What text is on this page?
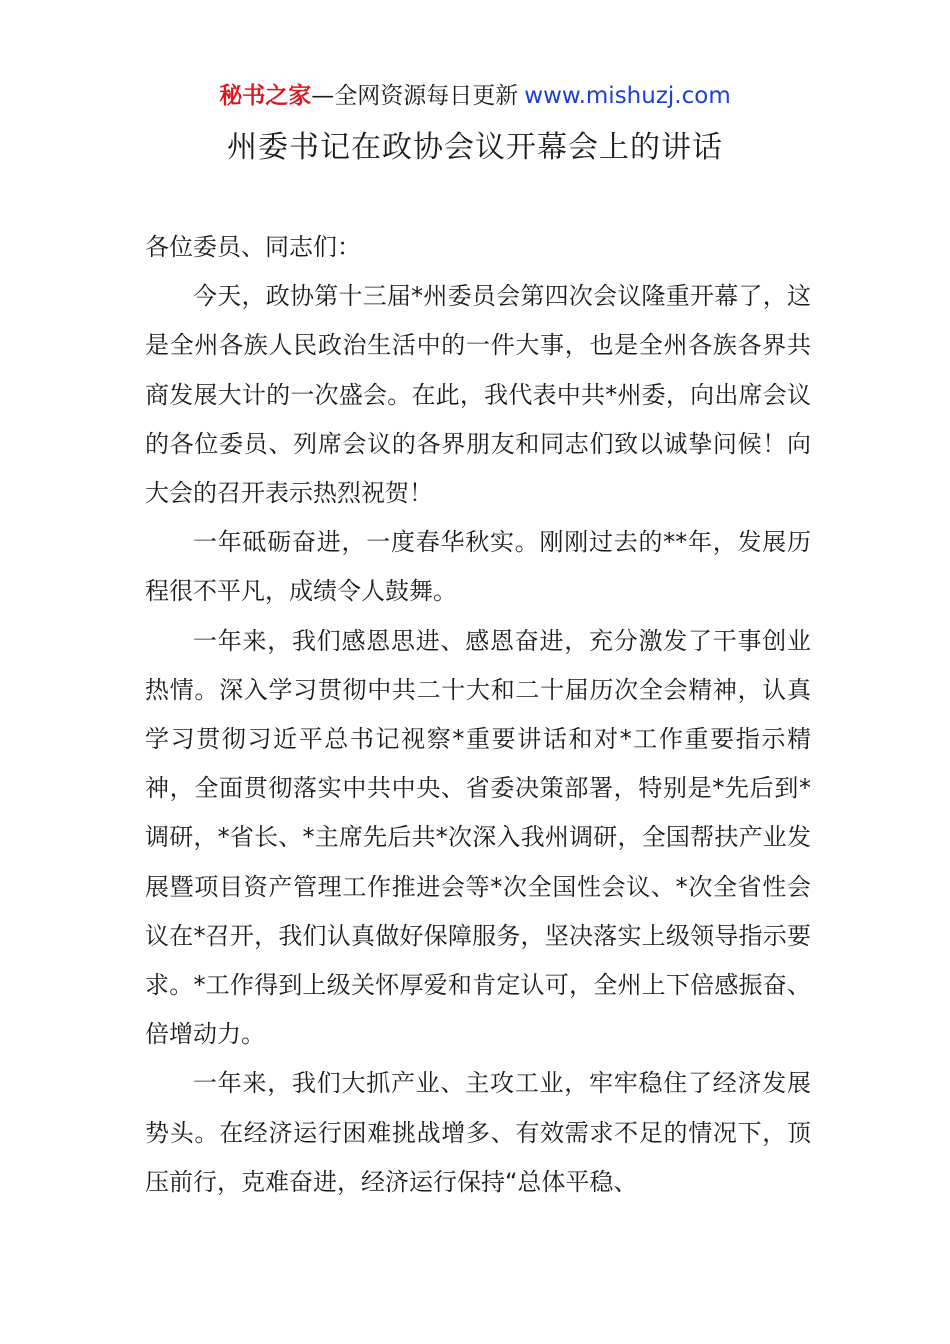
秘书之家—全网资源每日更新 www.mishuzj.com
州委书记在政协会议开幕会上的讲话

各位委员、同志们：

今天，政协第十三届*州委员会第四次会议隆重开幕了，这是全州各族人民政治生活中的一件大事，也是全州各族各界共商发展大计的一次盛会。在此，我代表中共*州委，向出席会议的各位委员、列席会议的各界朋友和同志们致以诚挚问候！向大会的召开表示热烈祝贺！

一年砥砺奋进，一度春华秋实。刚刚过去的**年，发展历程很不平凡，成绩令人鼓舞。

一年来，我们感恩思进、感恩奋进，充分激发了干事创业热情。深入学习贯彻中共二十大和二十届历次全会精神，认真学习贯彻习近平总书记视察*重要讲话和对*工作重要指示精神，全面贯彻落实中共中央、省委决策部署，特别是*先后到*调研，*省长、*主席先后共*次深入我州调研，全国帮扶产业发展暨项目资产管理工作推进会等*次全国性会议、*次全省性会议在*召开，我们认真做好保障服务，坚决落实上级领导指示要求。*工作得到上级关怀厚爱和肯定认可，全州上下倍感振奋、倍增动力。

一年来，我们大抓产业、主攻工业，牢牢稳住了经济发展势头。在经济运行困难挑战增多、有效需求不足的情况下，顶压前行，克难奋进，经济运行保持“总体平稳、
